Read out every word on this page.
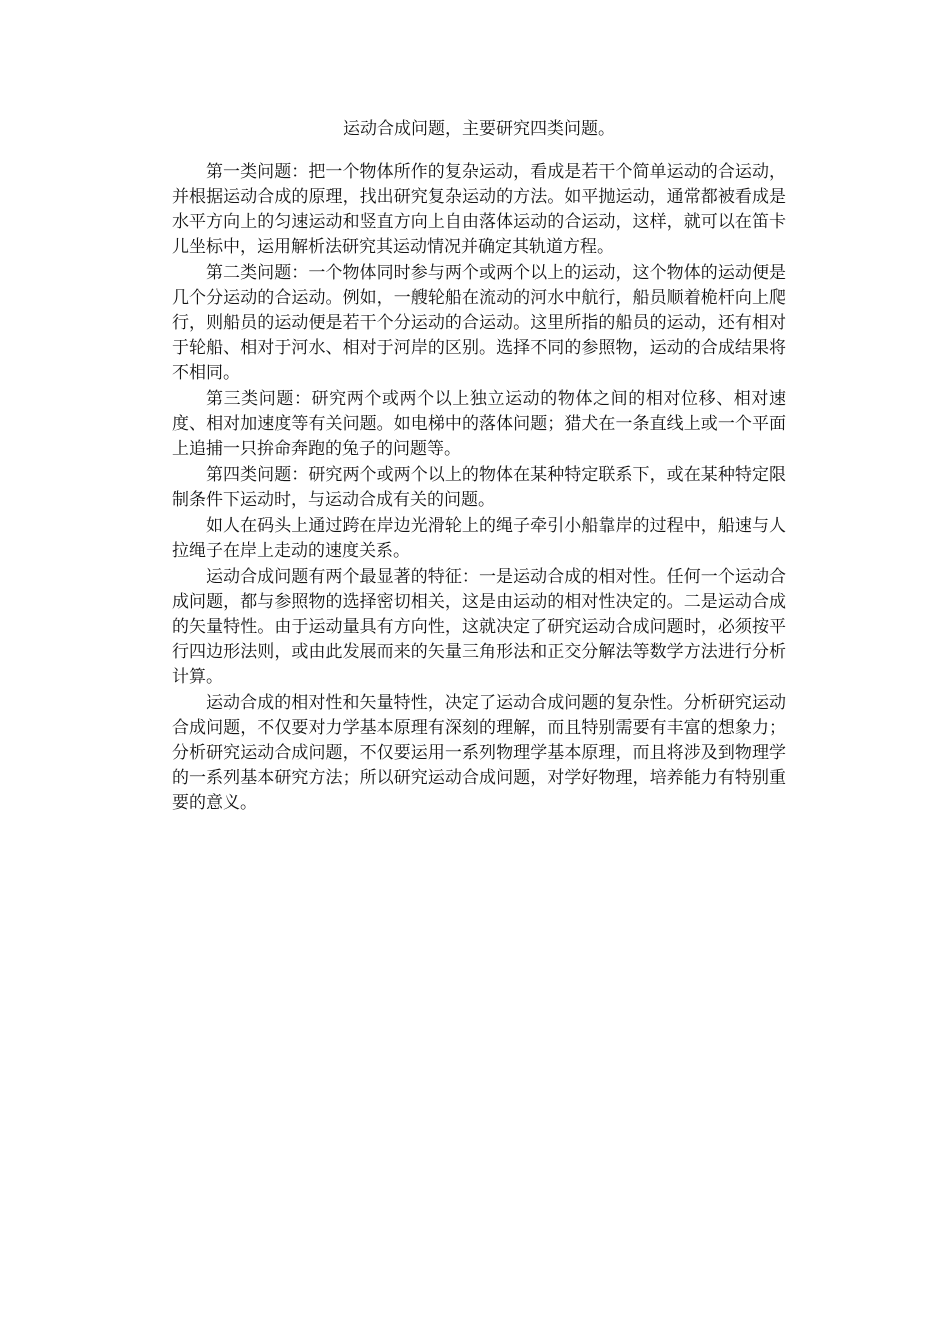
运动合成问题，主要研究四类问题。
第一类问题：把一个物体所作的复杂运动，看成是若干个简单运动的合运动，并根据运动合成的原理，找出研究复杂运动的方法。如平抛运动，通常都被看成是水平方向上的匀速运动和竖直方向上自由落体运动的合运动，这样，就可以在笛卡儿坐标中，运用解析法研究其运动情况并确定其轨道方程。
第二类问题：一个物体同时参与两个或两个以上的运动，这个物体的运动便是几个分运动的合运动。例如，一艘轮船在流动的河水中航行，船员顺着桅杆向上爬行，则船员的运动便是若干个分运动的合运动。这里所指的船员的运动，还有相对于轮船、相对于河水、相对于河岸的区别。选择不同的参照物，运动的合成结果将不相同。
第三类问题：研究两个或两个以上独立运动的物体之间的相对位移、相对速度、相对加速度等有关问题。如电梯中的落体问题；猎犬在一条直线上或一个平面上追捕一只拚命奔跑的兔子的问题等。
第四类问题：研究两个或两个以上的物体在某种特定联系下，或在某种特定限制条件下运动时，与运动合成有关的问题。
如人在码头上通过跨在岸边光滑轮上的绳子牵引小船靠岸的过程中，船速与人拉绳子在岸上走动的速度关系。
运动合成问题有两个最显著的特征：一是运动合成的相对性。任何一个运动合成问题，都与参照物的选择密切相关，这是由运动的相对性决定的。二是运动合成的矢量特性。由于运动量具有方向性，这就决定了研究运动合成问题时，必须按平行四边形法则，或由此发展而来的矢量三角形法和正交分解法等数学方法进行分析计算。
运动合成的相对性和矢量特性，决定了运动合成问题的复杂性。分析研究运动合成问题，不仅要对力学基本原理有深刻的理解，而且特别需要有丰富的想象力；分析研究运动合成问题，不仅要运用一系列物理学基本原理，而且将涉及到物理学的一系列基本研究方法；所以研究运动合成问题，对学好物理，培养能力有特别重要的意义。
